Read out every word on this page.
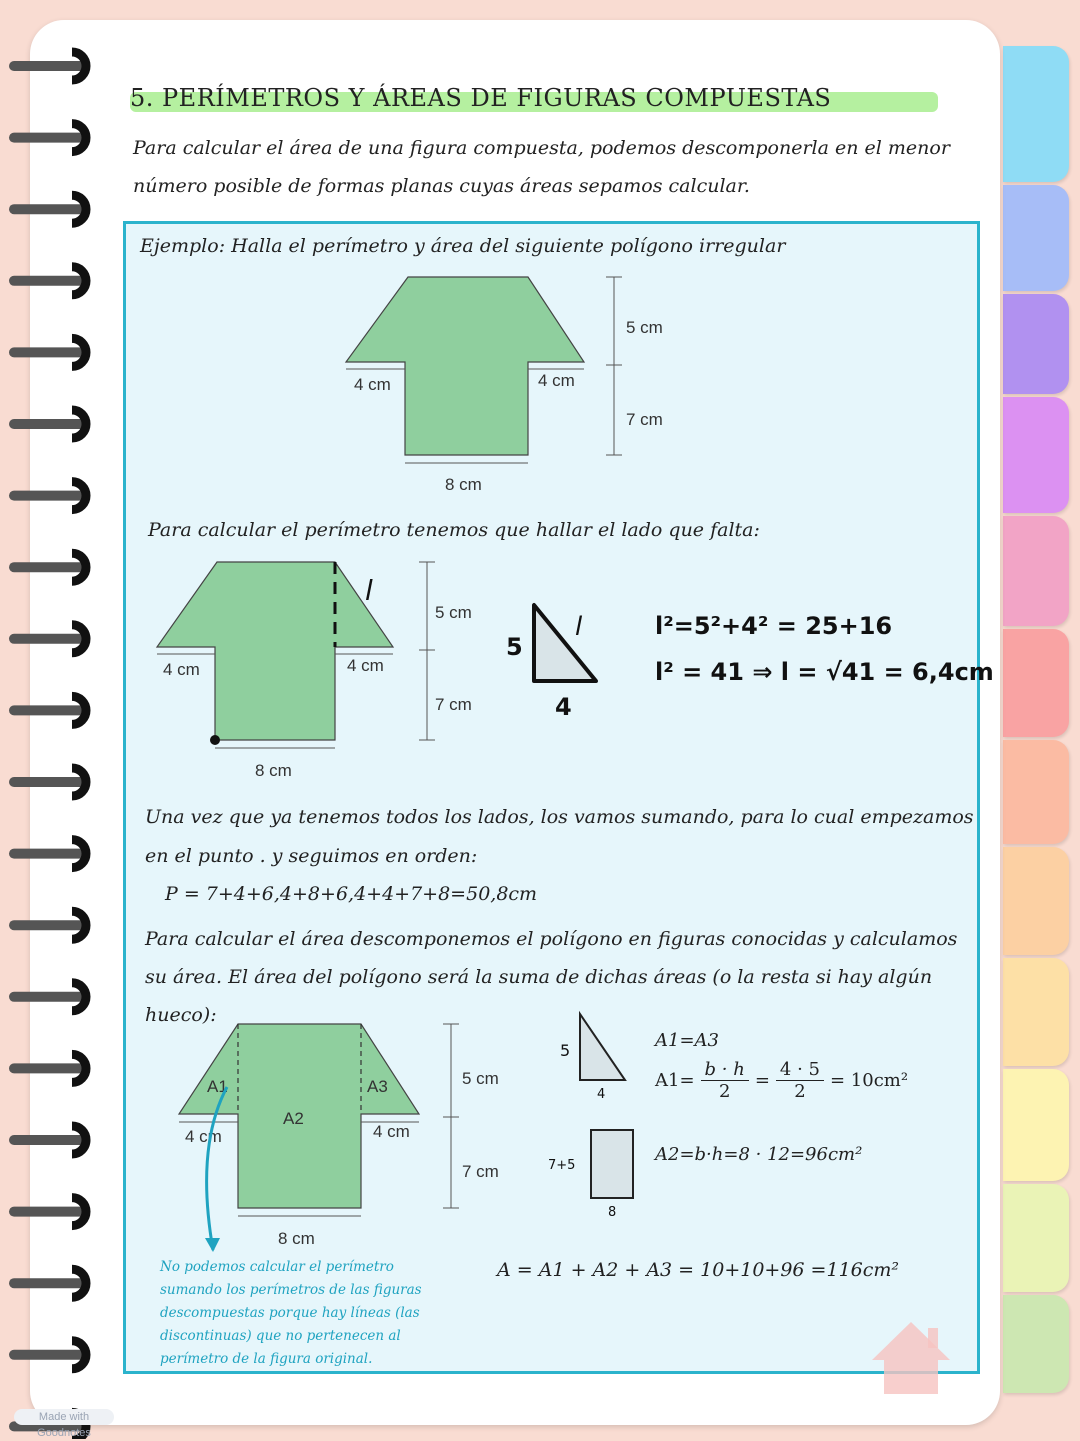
5. PERÍMETROS Y ÁREAS DE FIGURAS COMPUESTAS
Para calcular el área de una figura compuesta, podemos descomponerla en el menor
número posible de formas planas cuyas áreas sepamos calcular.
Ejemplo: Halla el perímetro y área del siguiente polígono irregular
4 cm	4 cm
5 cm
7 cm
8 cm
Para calcular el perímetro tenemos que hallar el lado que falta:
l
4 cm	4 cm
5 cm
7 cm
8 cm
5
l
4
l²=5²+4² = 25+16
l² = 41 ⇒ l = √41 = 6,4cm
Una vez que ya tenemos todos los lados, los vamos sumando, para lo cual empezamos
en el punto . y seguimos en orden:
P = 7+4+6,4+8+6,4+4+7+8=50,8cm
Para calcular el área descomponemos el polígono en figuras conocidas y calculamos
su área. El área del polígono será la suma de dichas áreas (o la resta si hay algún
hueco):
A1
A2
A3
4 cm	4 cm
5 cm
7 cm
8 cm
5
4
A1=A3
$A1= \frac{b \cdot h}{2} = \frac{4 \cdot 5}{2} = 10cm^2$
7+5
8
A2=b·h=8 · 12=96cm²
A = A1 + A2 + A3 = 10+10+96 =116cm²
No podemos calcular el perímetro sumando los perímetros de las figuras descompuestas porque hay líneas (las discontinuas) que no pertenecen al perímetro de la figura original.
Made with Goodnotes
